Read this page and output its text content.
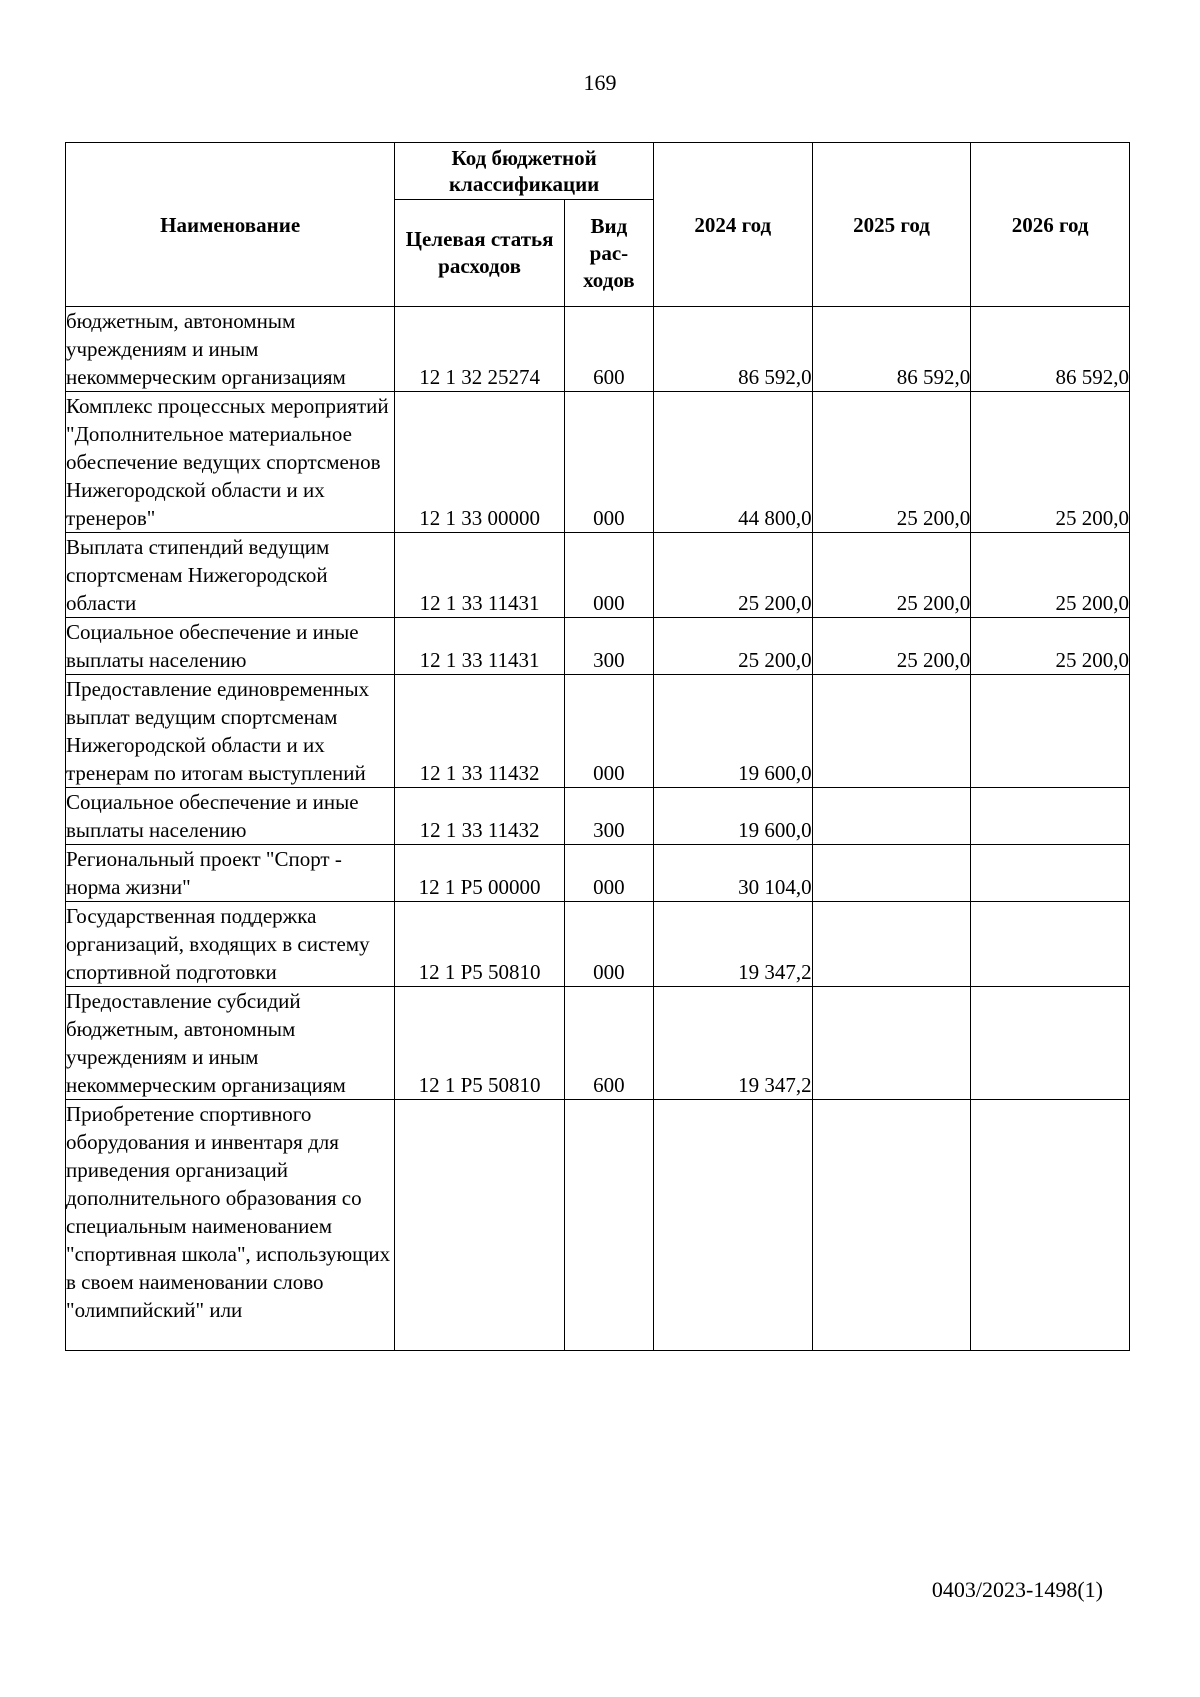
169
Наименование	Код бюджетной классификации		2024 год	2025 год	2026 год
	Целевая статья расходов	Вид
рас-ходов			
бюджетным, автономным учреждениям и иным некоммерческим организациям	12 1 32 25274	600	86 592,0	86 592,0	86 592,0
Комплекс процессных мероприятий "Дополнительное материальное обеспечение ведущих спортсменов Нижегородской области и их тренеров"	12 1 33 00000	000	44 800,0	25 200,0	25 200,0
Выплата стипендий ведущим спортсменам Нижегородской области	12 1 33 11431	000	25 200,0	25 200,0	25 200,0
Социальное обеспечение и иные выплаты населению	12 1 33 11431	300	25 200,0	25 200,0	25 200,0
Предоставление единовременных выплат ведущим спортсменам Нижегородской области и их тренерам по итогам выступлений	12 1 33 11432	000	19 600,0		
Социальное обеспечение и иные выплаты населению	12 1 33 11432	300	19 600,0		
Региональный проект "Спорт - норма жизни"	12 1 Р5 00000	000	30 104,0		
Государственная поддержка организаций, входящих в систему спортивной подготовки	12 1 Р5 50810	000	19 347,2		
Предоставление субсидий бюджетным, автономным учреждениям и иным некоммерческим организациям	12 1 Р5 50810	600	19 347,2		
Приобретение спортивного оборудования и инвентаря для приведения организаций дополнительного образования со специальным наименованием "спортивная школа", использующих в своем наименовании слово "олимпийский" или					
0403/2023-1498(1)
